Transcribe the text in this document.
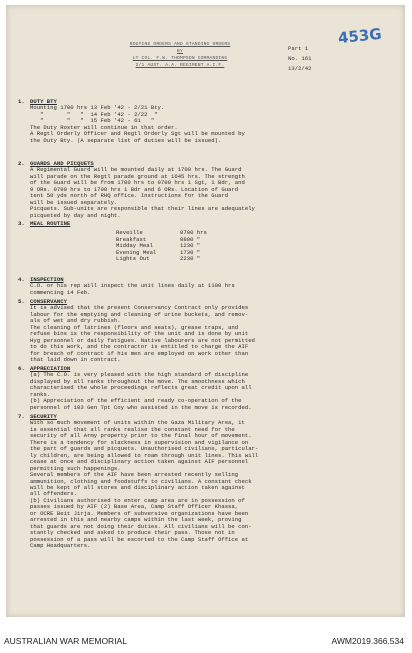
453G
ROUTINE ORDERS AND STANDING ORDERS
BY
LT COL. F.W. THOMPSON COMMANDING
2/1 AUST. A.A. REGIMENT A.I.F.
Part 1
No. 161
13/2/42
1. DUTY BTY

Mounting 1700 hrs 13 Feb '42 - 2/21 Bty.

"       "   "  14 Feb '42 - 2/22  "

"       "   "  15 Feb '42 - 61   "

The Duty Roster will continue in that order.

A Regtl Orderly Officer and Regtl Orderly Sgt will be mounted by

the Duty Bty. (A separate list of duties will be issued).

2. GUARDS AND PICQUETS

A Regimental Guard will be mounted daily at 1700 hrs. The Guard

will parade on the Regtl parade ground at 1645 hrs. The strength

of the Guard will be from 1700 hrs to 0700 hrs 1 Sgt, 1 Bdr, and

9 ORs. 0700 hrs to 1700 hrs 1 Bdr and 6 ORs. Location of Guard

tent 50 yds north of RHQ office. Instructions for the Guard

will be issued separately.

Picquets. Sub-units are responsible that their lines are adequately

picqueted by day and night.

3. MEAL ROUTINE
Reveille	0700 hrs
Breakfast	0800 "
Midday Meal	1230 "
Evening Meal	1730 "
Lights Out	2230 "
4. INSPECTION

C.O. or his rep will inspect the unit lines daily at 1100 hrs

commencing 14 Feb.

5. CONSERVANCY

It is advised that the present Conservancy Contract only provides

labour for the emptying and cleaning of urine buckets, and remov-

als of wet and dry rubbish.

The cleaning of latrines (floors and seats), grease traps, and

refuse bins is the responsibility of the unit and is done by unit

Hyg personnel or daily fatigues. Native labourers are not permitted

to do this work, and the contractor is entitled to charge the AIF

for breach of contract if his men are employed on work other than

that laid down in contract.

6. APPRECIATION

(a) The C.O. is very pleased with the high standard of discipline

displayed by all ranks throughout the move. The smoothness which

characterised the whole proceedings reflects great credit upon all

ranks.

(b) Appreciation of the efficient and ready co-operation of the

personnel of 103 Gen Tpt Coy who assisted in the move is recorded.

7. SECURITY

With so much movement of units within the Gaza Military Area, it

is essential that all ranks realise the constant need for the

security of all Army property prior to the final hour of movement.

There is a tendency for slackness in supervision and vigilance on

the part of guards and picquets. Unauthorised civilians, particular-

ly children, are being allowed to roam through unit lines. This will

cease at once and disciplinary action taken against AIF personnel

permitting such happenings.

Several members of the AIF have been arrested recently selling

ammunition, clothing and foodstuffs to civilians. A constant check

will be kept of all stores and disciplinary action taken against

all offenders.

(b) Civilians authorised to enter camp area are in possession of

passes issued by AIF (2) Base Area, Camp Staff Officer Khassa,

or OCRE Beit Jirja. Members of subversive organizations have been

arrested in this and nearby camps within the last week, proving

that guards are not doing their duties. All civilians will be con-

stantly checked and asked to produce their pass. Those not in

possession of a pass will be escorted to the Camp Staff Office at

Camp Headquarters.

AUSTRALIAN WAR MEMORIAL	AWM2019.366.534
